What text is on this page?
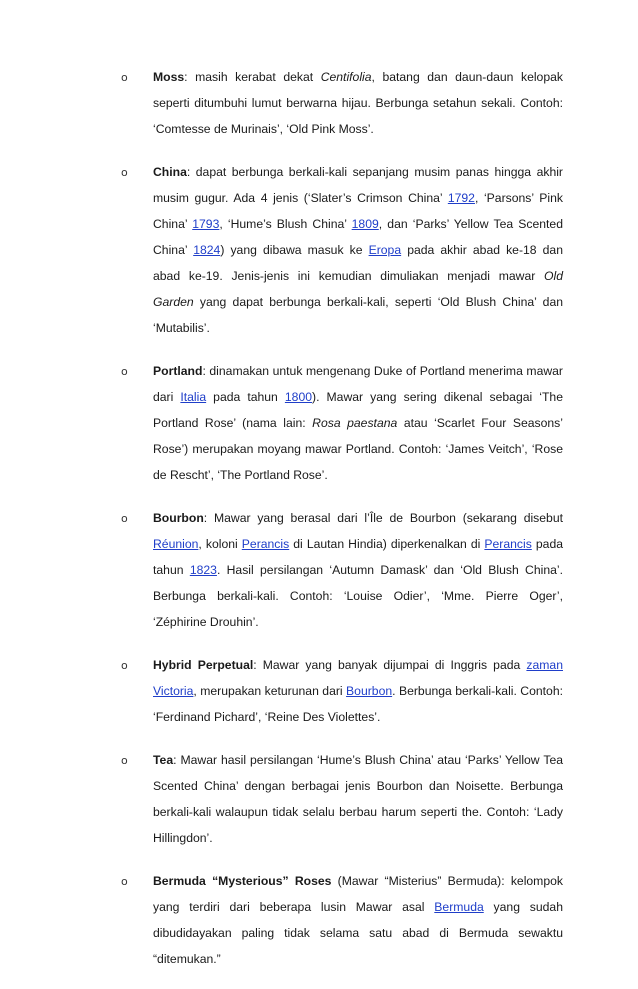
o Moss: masih kerabat dekat Centifolia, batang dan daun-daun kelopak seperti ditumbuhi lumut berwarna hijau. Berbunga setahun sekali. Contoh: ‘Comtesse de Murinais’, ‘Old Pink Moss’.

o China: dapat berbunga berkali-kali sepanjang musim panas hingga akhir musim gugur. Ada 4 jenis (‘Slater’s Crimson China’ 1792, ‘Parsons’ Pink China’ 1793, ‘Hume’s Blush China’ 1809, dan ‘Parks’ Yellow Tea Scented China’ 1824) yang dibawa masuk ke Eropa pada akhir abad ke-18 dan abad ke-19. Jenis-jenis ini kemudian dimuliakan menjadi mawar Old Garden yang dapat berbunga berkali-kali, seperti ‘Old Blush China’ dan ‘Mutabilis’.

o Portland: dinamakan untuk mengenang Duke of Portland menerima mawar dari Italia pada tahun 1800). Mawar yang sering dikenal sebagai ‘The Portland Rose’ (nama lain: Rosa paestana atau ‘Scarlet Four Seasons’ Rose’) merupakan moyang mawar Portland. Contoh: ‘James Veitch’, ‘Rose de Rescht’, ‘The Portland Rose’.

o Bourbon: Mawar yang berasal dari l’Île de Bourbon (sekarang disebut Réunion, koloni Perancis di Lautan Hindia) diperkenalkan di Perancis pada tahun 1823. Hasil persilangan ‘Autumn Damask’ dan ‘Old Blush China’. Berbunga berkali-kali. Contoh: ‘Louise Odier’, ‘Mme. Pierre Oger’, ‘Zéphirine Drouhin’.

o Hybrid Perpetual: Mawar yang banyak dijumpai di Inggris pada zaman Victoria, merupakan keturunan dari Bourbon. Berbunga berkali-kali. Contoh: ‘Ferdinand Pichard’, ‘Reine Des Violettes’.

o Tea: Mawar hasil persilangan ‘Hume’s Blush China’ atau ‘Parks’ Yellow Tea Scented China’ dengan berbagai jenis Bourbon dan Noisette. Berbunga berkali-kali walaupun tidak selalu berbau harum seperti the. Contoh: ‘Lady Hillingdon’.

o Bermuda “Mysterious” Roses (Mawar “Misterius” Bermuda): kelompok yang terdiri dari beberapa lusin Mawar asal Bermuda yang sudah dibudidayakan paling tidak selama satu abad di Bermuda sewaktu “ditemukan.”
